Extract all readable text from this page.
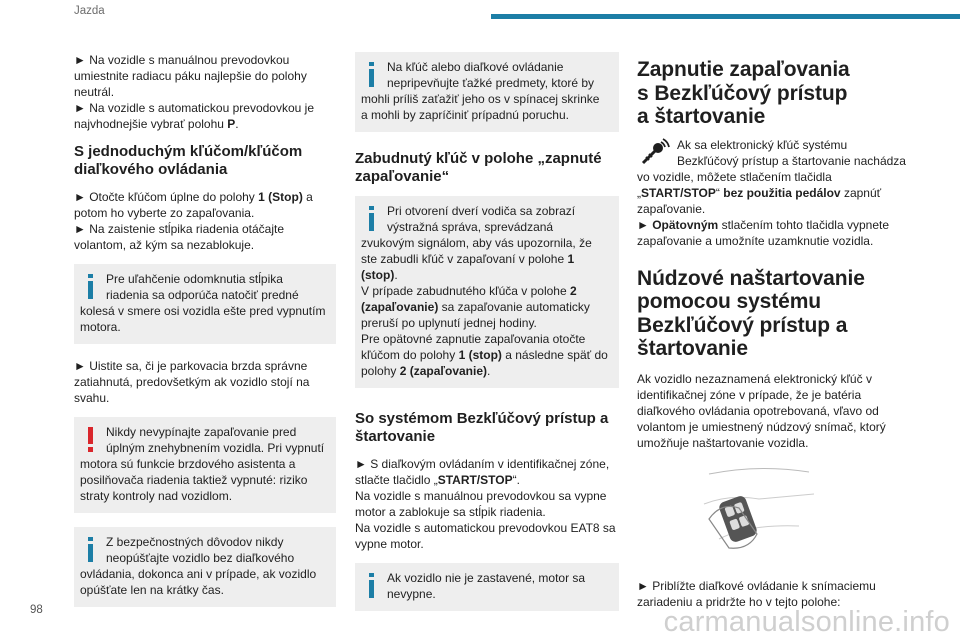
Jazda

► Na vozidle s manuálnou prevodovkou umiestnite radiacu páku najlepšie do polohy neutrál.

► Na vozidle s automatickou prevodovkou je najvhodnejšie vybrať polohu P.

S jednoduchým kľúčom/kľúčom diaľkového ovládania

► Otočte kľúčom úplne do polohy 1 (Stop) a potom ho vyberte zo zapaľovania.

► Na zaistenie stĺpika riadenia otáčajte volantom, až kým sa nezablokuje.

Pre uľahčenie odomknutia stĺpika riadenia sa odporúča natočiť predné kolesá v smere osi vozidla ešte pred vypnutím motora.

► Uistite sa, či je parkovacia brzda správne zatiahnutá, predovšetkým ak vozidlo stojí na svahu.

Nikdy nevypínajte zapaľovanie pred úplným znehybnením vozidla. Pri vypnutí motora sú funkcie brzdového asistenta a posilňovača riadenia taktiež vypnuté: riziko straty kontroly nad vozidlom.

Z bezpečnostných dôvodov nikdy neopúšťajte vozidlo bez diaľkového ovládania, dokonca ani v prípade, ak vozidlo opúšťate len na krátky čas.

Na kľúč alebo diaľkové ovládanie nepripevňujte ťažké predmety, ktoré by mohli príliš zaťažiť jeho os v spínacej skrinke a mohli by zapríčiniť prípadnú poruchu.

Zabudnutý kľúč v polohe „zapnuté zapaľovanie“

Pri otvorení dverí vodiča sa zobrazí výstražná správa, sprevádzaná zvukovým signálom, aby vás upozornila, že ste zabudli kľúč v zapaľovaní v polohe 1 (stop).

V prípade zabudnutého kľúča v polohe 2 (zapaľovanie) sa zapaľovanie automaticky preruší po uplynutí jednej hodiny.

Pre opätovné zapnutie zapaľovania otočte kľúčom do polohy 1 (stop) a následne späť do polohy 2 (zapaľovanie).

So systémom Bezkľúčový prístup a štartovanie

► S diaľkovým ovládaním v identifikačnej zóne, stlačte tlačidlo „START/STOP“.

Na vozidle s manuálnou prevodovkou sa vypne motor a zablokuje sa stĺpik riadenia.

Na vozidle s automatickou prevodovkou EAT8 sa vypne motor.

Ak vozidlo nie je zastavené, motor sa nevypne.

Zapnutie zapaľovania s Bezkľúčový prístup a štartovanie

Ak sa elektronický kľúč systému Bezkľúčový prístup a štartovanie nachádza vo vozidle, môžete stlačením tlačidla „START/STOP“ bez použitia pedálov zapnúť zapaľovanie.

► Opätovným stlačením tohto tlačidla vypnete zapaľovanie a umožníte uzamknutie vozidla.

Núdzové naštartovanie pomocou systému Bezkľúčový prístup a štartovanie

Ak vozidlo nezaznamená elektronický kľúč v identifikačnej zóne v prípade, že je batéria diaľkového ovládania opotrebovaná, vľavo od volantom je umiestnený núdzový snímač, ktorý umožňuje naštartovanie vozidla.

► Priblížte diaľkové ovládanie k snímaciemu zariadeniu a pridržte ho v tejto polohe:

98	carmanualsonline.info
